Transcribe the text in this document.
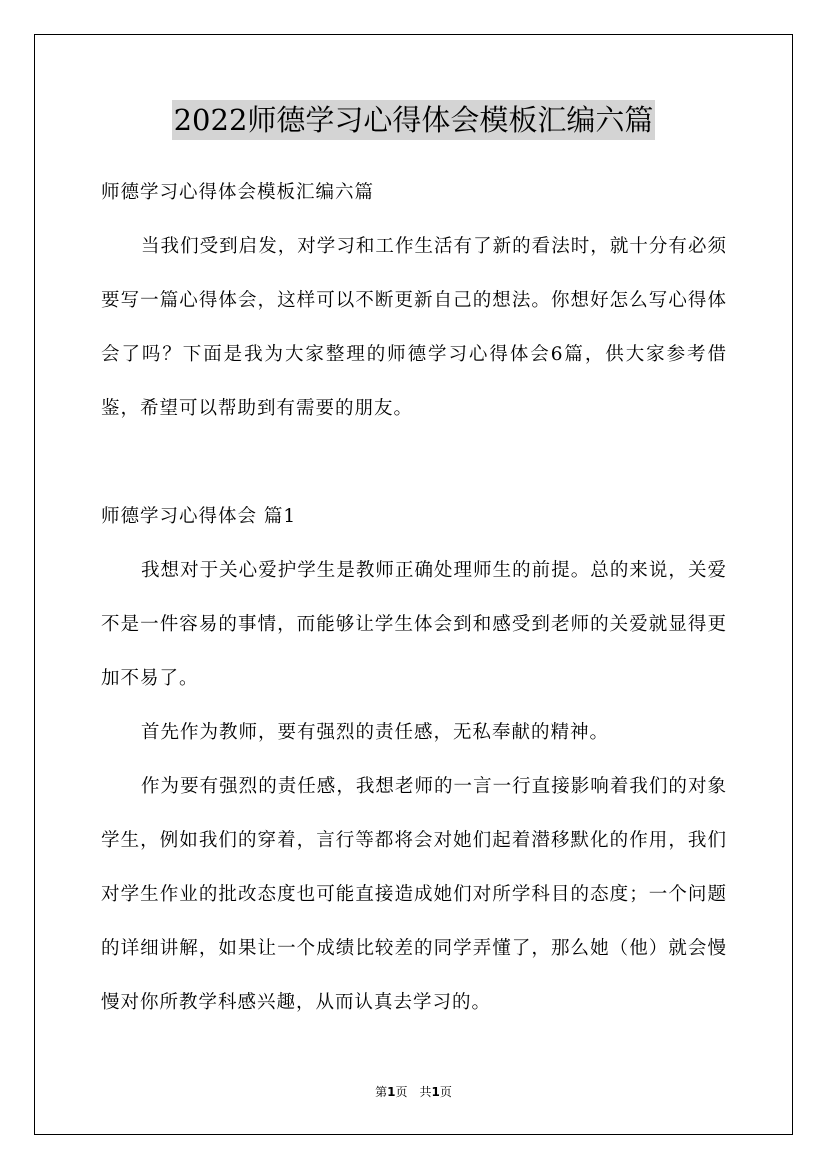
2022师德学习心得体会模板汇编六篇

师德学习心得体会模板汇编六篇

当我们受到启发，对学习和工作生活有了新的看法时，就十分有必须要写一篇心得体会，这样可以不断更新自己的想法。你想好怎么写心得体会了吗？下面是我为大家整理的师德学习心得体会6篇，供大家参考借鉴，希望可以帮助到有需要的朋友。

师德学习心得体会 篇1

我想对于关心爱护学生是教师正确处理师生的前提。总的来说，关爱不是一件容易的事情，而能够让学生体会到和感受到老师的关爱就显得更加不易了。

首先作为教师，要有强烈的责任感，无私奉献的精神。

作为要有强烈的责任感，我想老师的一言一行直接影响着我们的对象学生，例如我们的穿着，言行等都将会对她们起着潜移默化的作用，我们对学生作业的批改态度也可能直接造成她们对所学科目的态度；一个问题的详细讲解，如果让一个成绩比较差的同学弄懂了，那么她（他）就会慢慢对你所教学科感兴趣，从而认真去学习的。

第1页 共1页
